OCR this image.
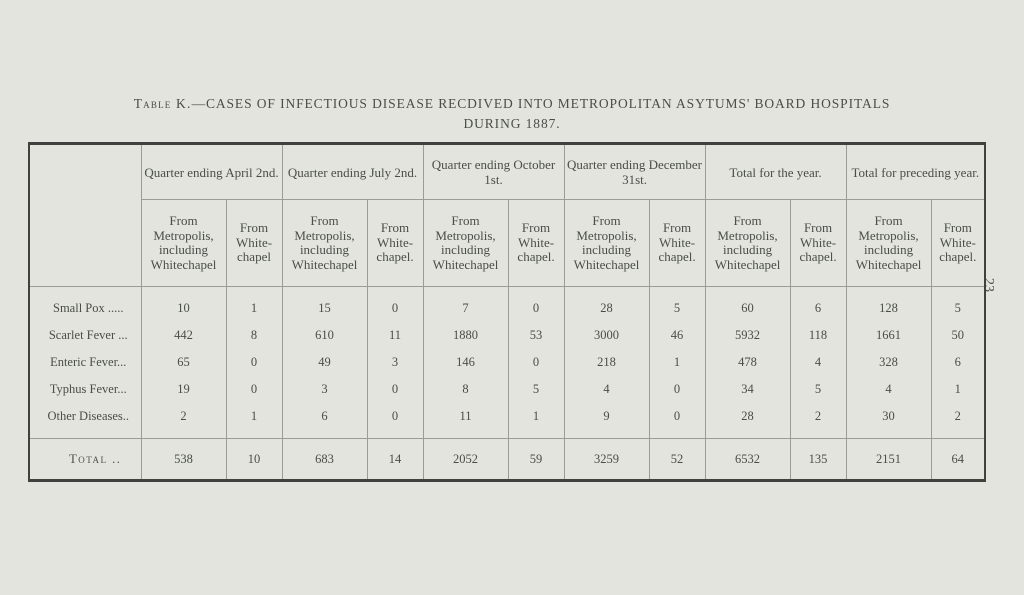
Table K.—CASES OF INFECTIOUS DISEASE RECDIVED INTO METROPOLITAN ASYTUMS' BOARD HOSPITALS
DURING 1887.
23
	Quarter ending April 2nd.		Quarter ending July 2nd.		Quarter ending October 1st.		Quarter ending December 31st.		Total for the year.		Total for preceding year.	
	From Metropolis, including Whitechapel	From White-chapel	From Metropolis, including Whitechapel	From White-chapel.	From Metropolis, including Whitechapel	From White-chapel.	From Metropolis, including Whitechapel	From White-chapel.	From Metropolis, including Whitechapel	From White-chapel.	From Metropolis, including Whitechapel	From White-chapel.
Small Pox .....	10	1	15	0	7	0	28	5	60	6	128	5
Scarlet Fever ...	442	8	610	11	1880	53	3000	46	5932	118	1661	50
Enteric Fever...	65	0	49	3	146	0	218	1	478	4	328	6
Typhus Fever...	19	0	3	0	8	5	4	0	34	5	4	1
Other Diseases..	2	1	6	0	11	1	9	0	28	2	30	2
Total ..	538	10	683	14	2052	59	3259	52	6532	135	2151	64
